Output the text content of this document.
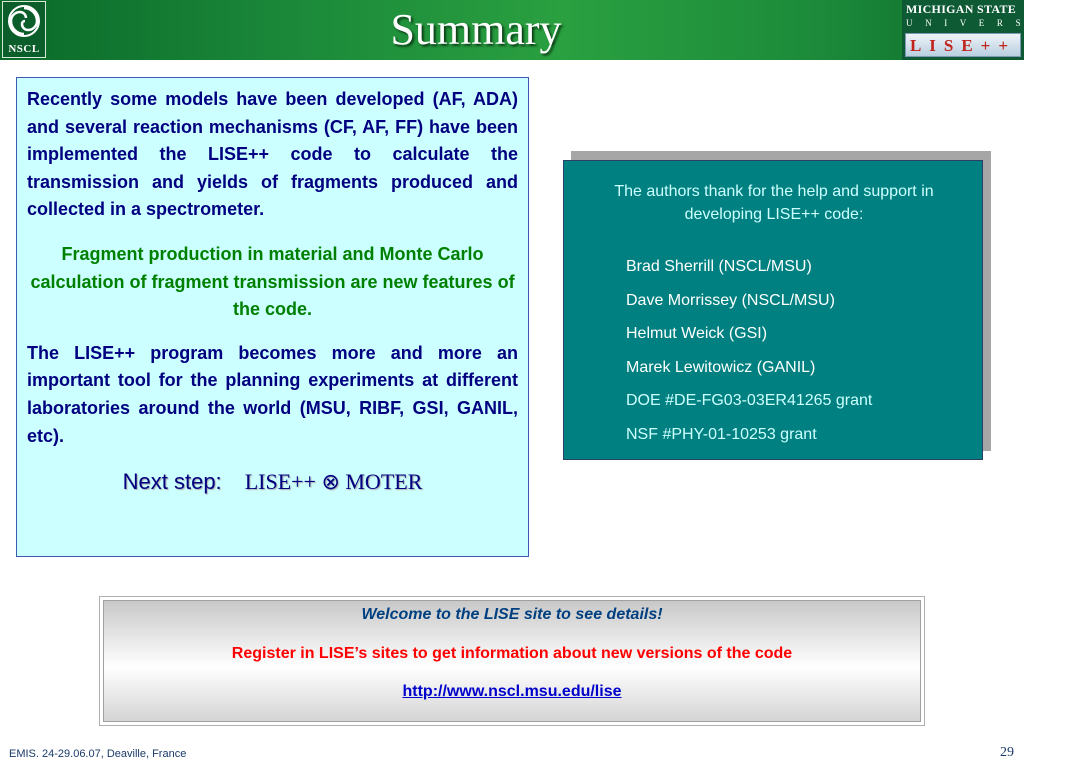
NSCL	Summary	MICHIGAN STATE
U N I V E R S I T Y
LISE++

Recently some models have been developed (AF, ADA) and several reaction mechanisms (CF, AF, FF) have been implemented the LISE++ code to calculate the transmission and yields of fragments produced and collected in a spectrometer.

Fragment production in material and Monte Carlo calculation of fragment transmission are new features of the code.

The LISE++ program becomes more and more an important tool for the planning experiments at different laboratories around the world (MSU, RIBF, GSI, GANIL, etc).

Next step: LISE++ ⊗ MOTER

The authors thank for the help and support in developing LISE++ code:
Brad Sherrill (NSCL/MSU)
Dave Morrissey (NSCL/MSU)
Helmut Weick (GSI)
Marek Lewitowicz (GANIL)
DOE #DE-FG03-03ER41265 grant
NSF #PHY-01-10253 grant
Welcome to the LISE site to see details!
Register in LISE’s sites to get information about new versions of the code
http://www.nscl.msu.edu/lise
EMIS. 24-29.06.07, Deaville, France	29
